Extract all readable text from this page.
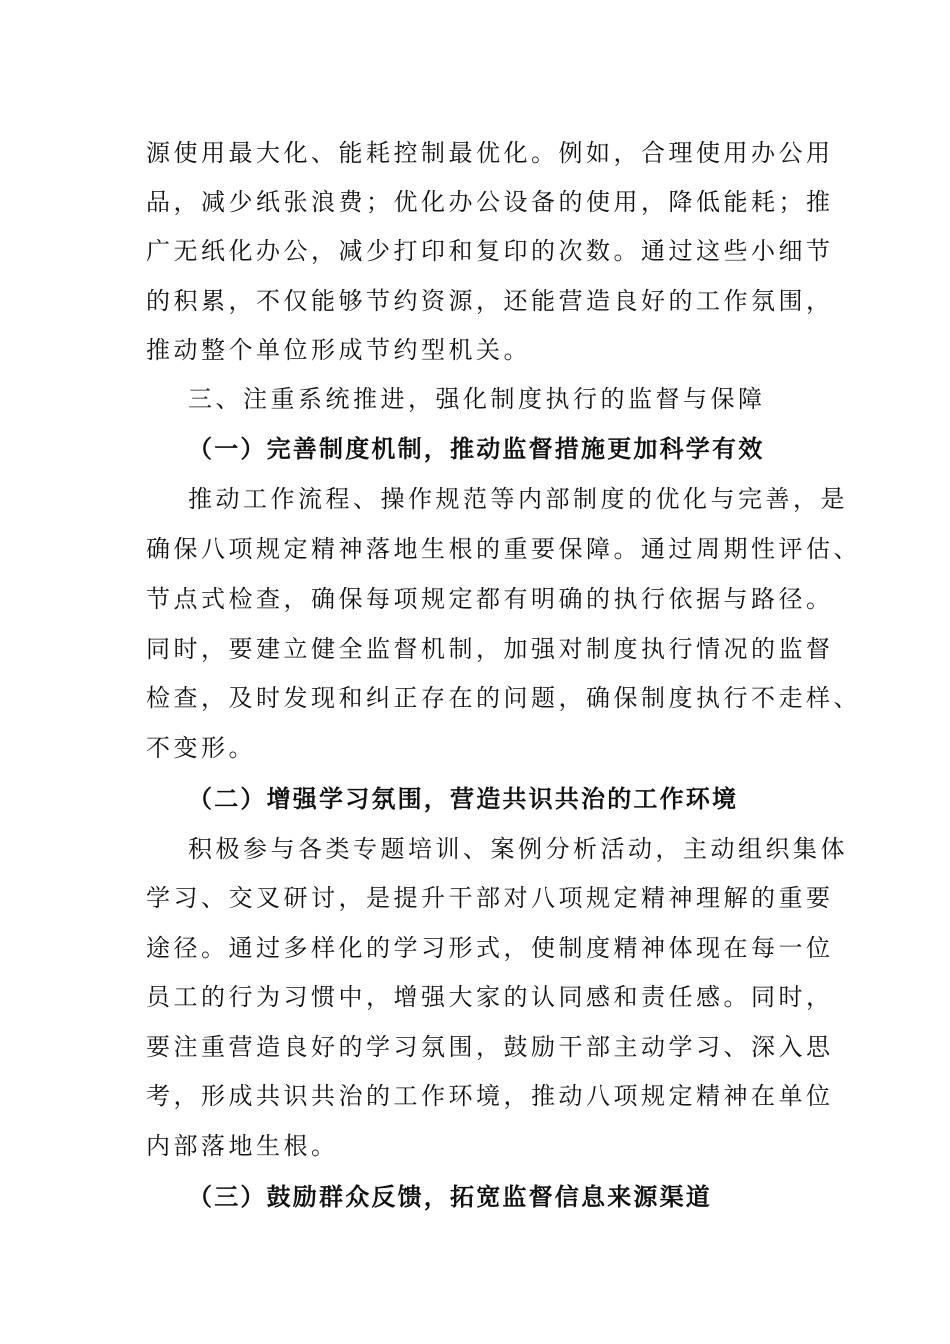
源使用最大化、能耗控制最优化。例如，合理使用办公用
品，减少纸张浪费；优化办公设备的使用，降低能耗；推
广无纸化办公，减少打印和复印的次数。通过这些小细节
的积累，不仅能够节约资源，还能营造良好的工作氛围，
推动整个单位形成节约型机关。
三、注重系统推进，强化制度执行的监督与保障
（一）完善制度机制，推动监督措施更加科学有效
推动工作流程、操作规范等内部制度的优化与完善，是
确保八项规定精神落地生根的重要保障。通过周期性评估、
节点式检查，确保每项规定都有明确的执行依据与路径。
同时，要建立健全监督机制，加强对制度执行情况的监督
检查，及时发现和纠正存在的问题，确保制度执行不走样、
不变形。
（二）增强学习氛围，营造共识共治的工作环境
积极参与各类专题培训、案例分析活动，主动组织集体
学习、交叉研讨，是提升干部对八项规定精神理解的重要
途径。通过多样化的学习形式，使制度精神体现在每一位
员工的行为习惯中，增强大家的认同感和责任感。同时，
要注重营造良好的学习氛围，鼓励干部主动学习、深入思
考，形成共识共治的工作环境，推动八项规定精神在单位
内部落地生根。
（三）鼓励群众反馈，拓宽监督信息来源渠道
